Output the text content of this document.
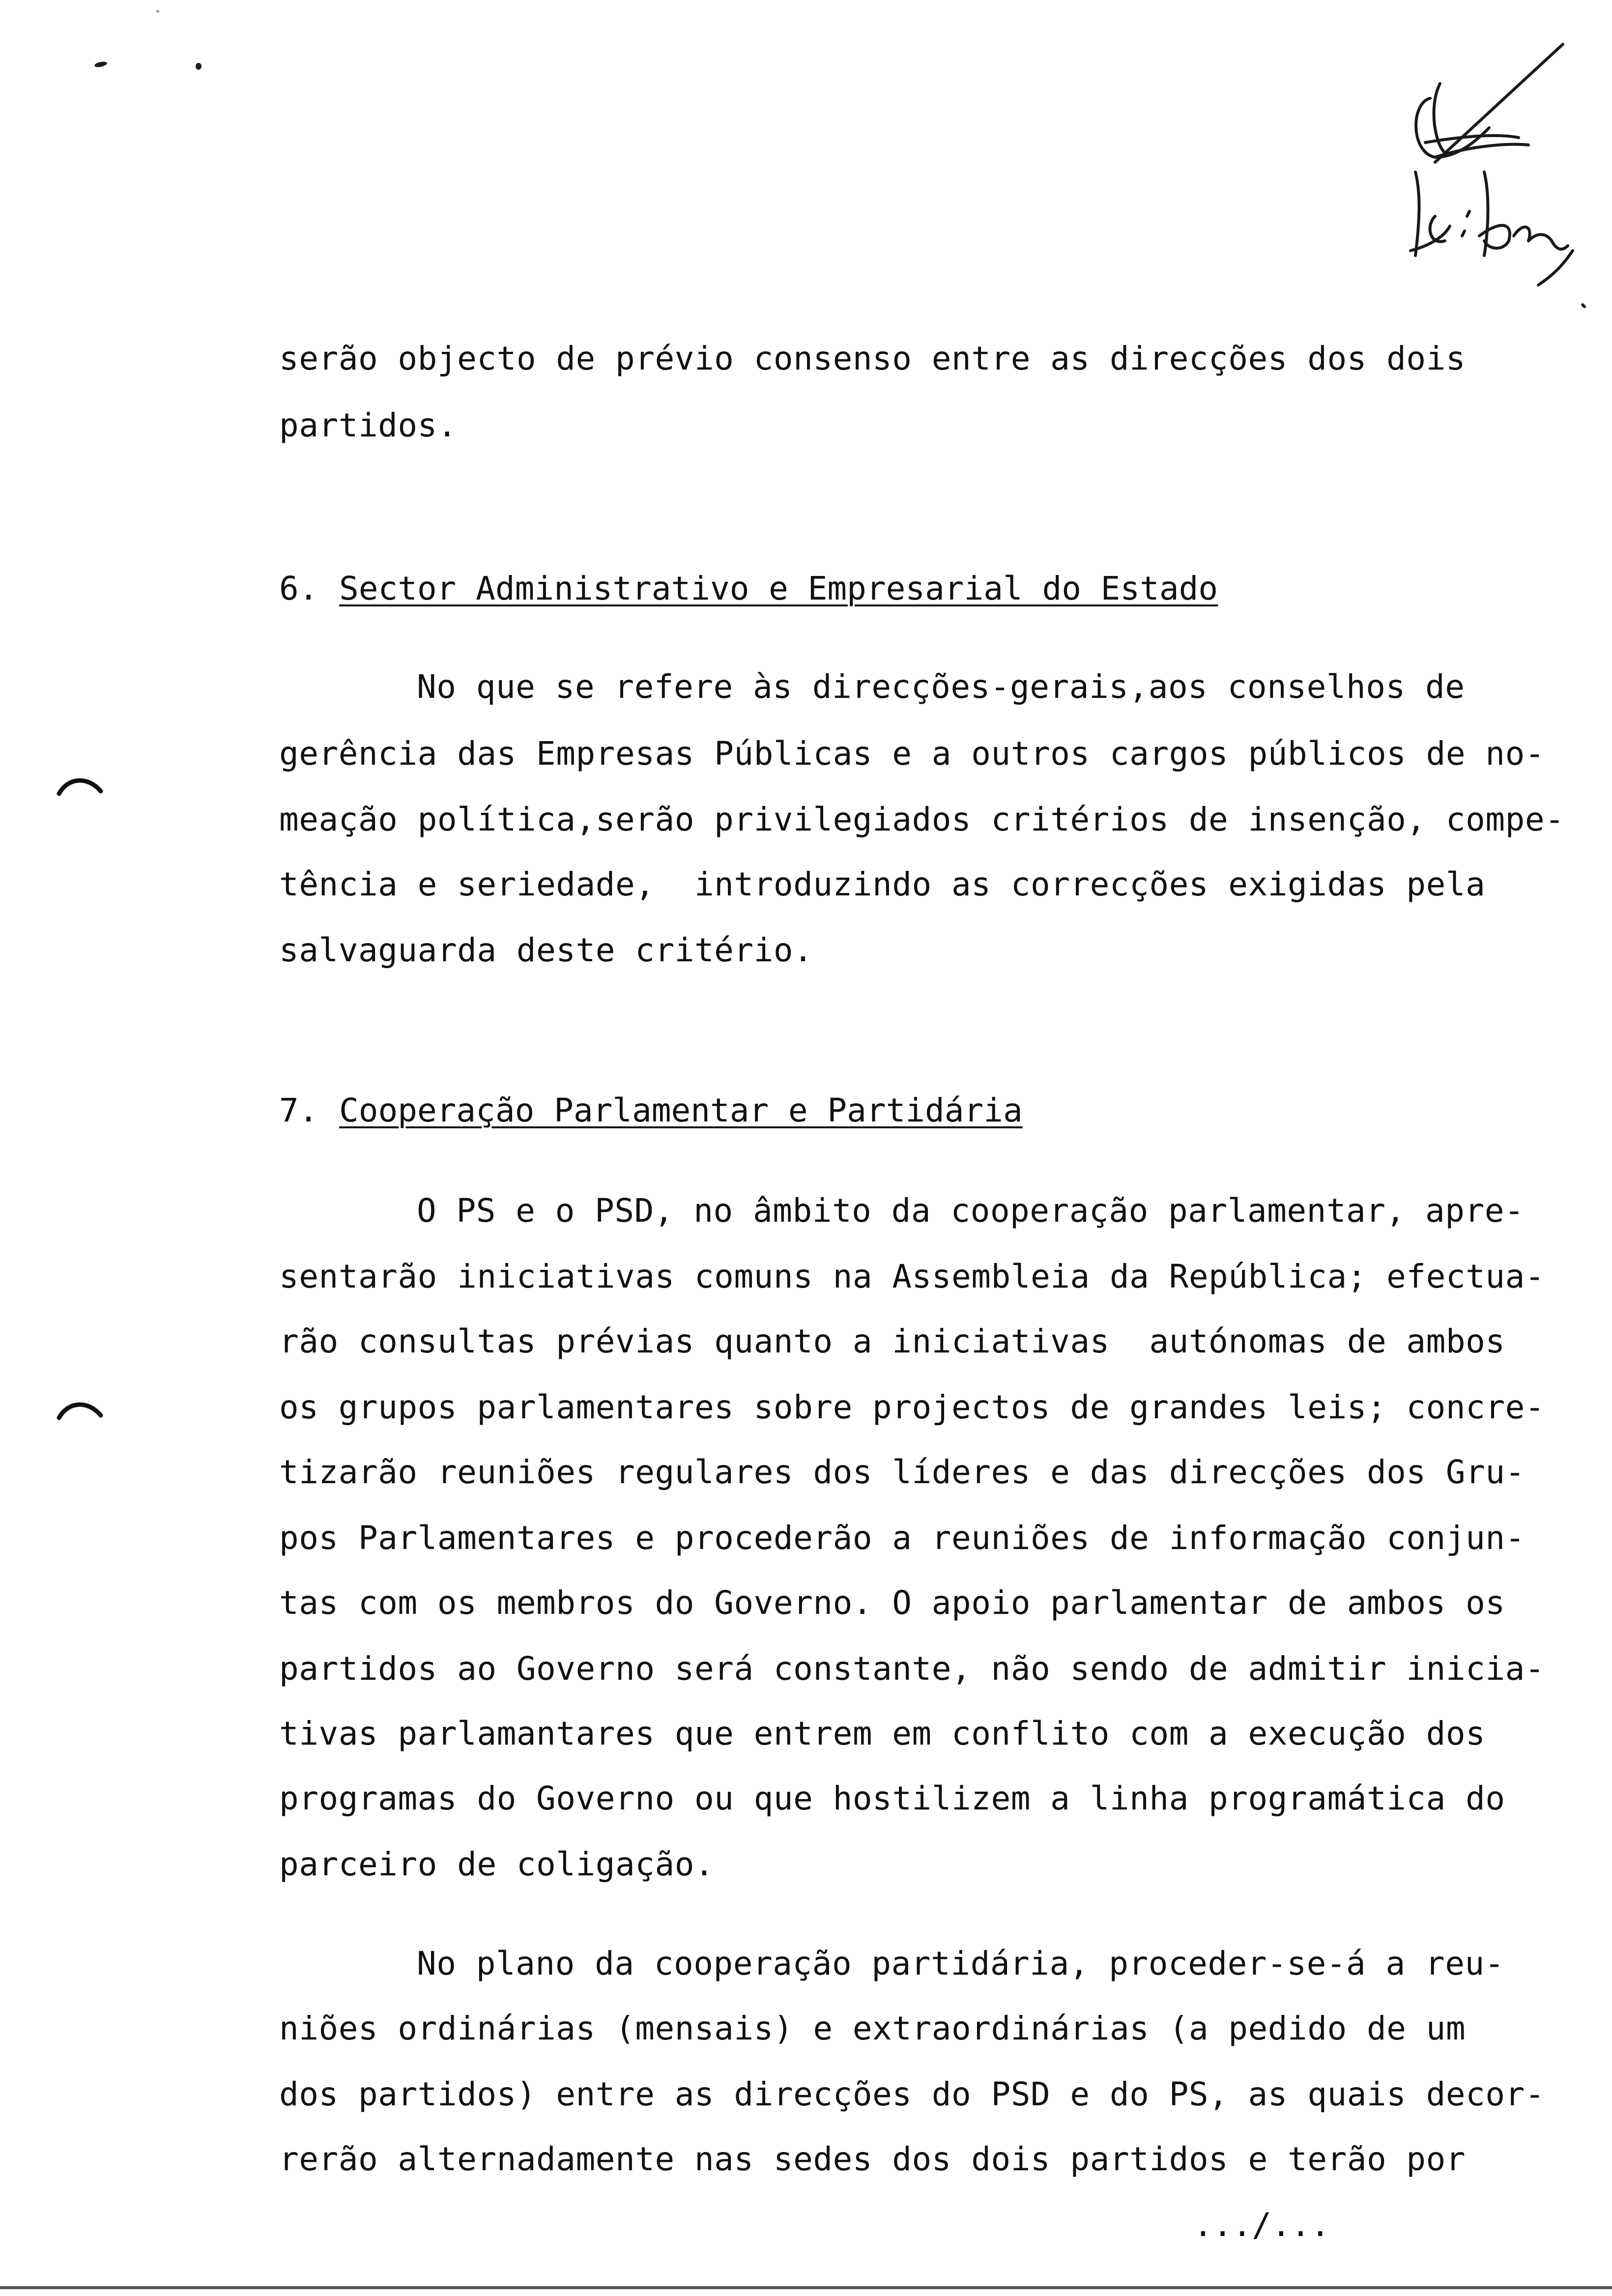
serão objecto de prévio consenso entre as direcções dos dois
partidos.
6. Sector Administrativo e Empresarial do Estado
No que se refere às direcções-gerais,aos conselhos de
gerência das Empresas Públicas e a outros cargos públicos de no-
meação política,serão privilegiados critérios de insenção, compe-
tência e seriedade,  introduzindo as correcções exigidas pela
salvaguarda deste critério.
7. Cooperação Parlamentar e Partidária
O PS e o PSD, no âmbito da cooperação parlamentar, apre-
sentarão iniciativas comuns na Assembleia da República; efectua-
rão consultas prévias quanto a iniciativas  autónomas de ambos
os grupos parlamentares sobre projectos de grandes leis; concre-
tizarão reuniões regulares dos líderes e das direcções dos Gru-
pos Parlamentares e procederão a reuniões de informação conjun-
tas com os membros do Governo. O apoio parlamentar de ambos os
partidos ao Governo será constante, não sendo de admitir inicia-
tivas parlamantares que entrem em conflito com a execução dos
programas do Governo ou que hostilizem a linha programática do
parceiro de coligação.
No plano da cooperação partidária, proceder-se-á a reu-
niões ordinárias (mensais) e extraordinárias (a pedido de um
dos partidos) entre as direcções do PSD e do PS, as quais decor-
rerão alternadamente nas sedes dos dois partidos e terão por
.../...
